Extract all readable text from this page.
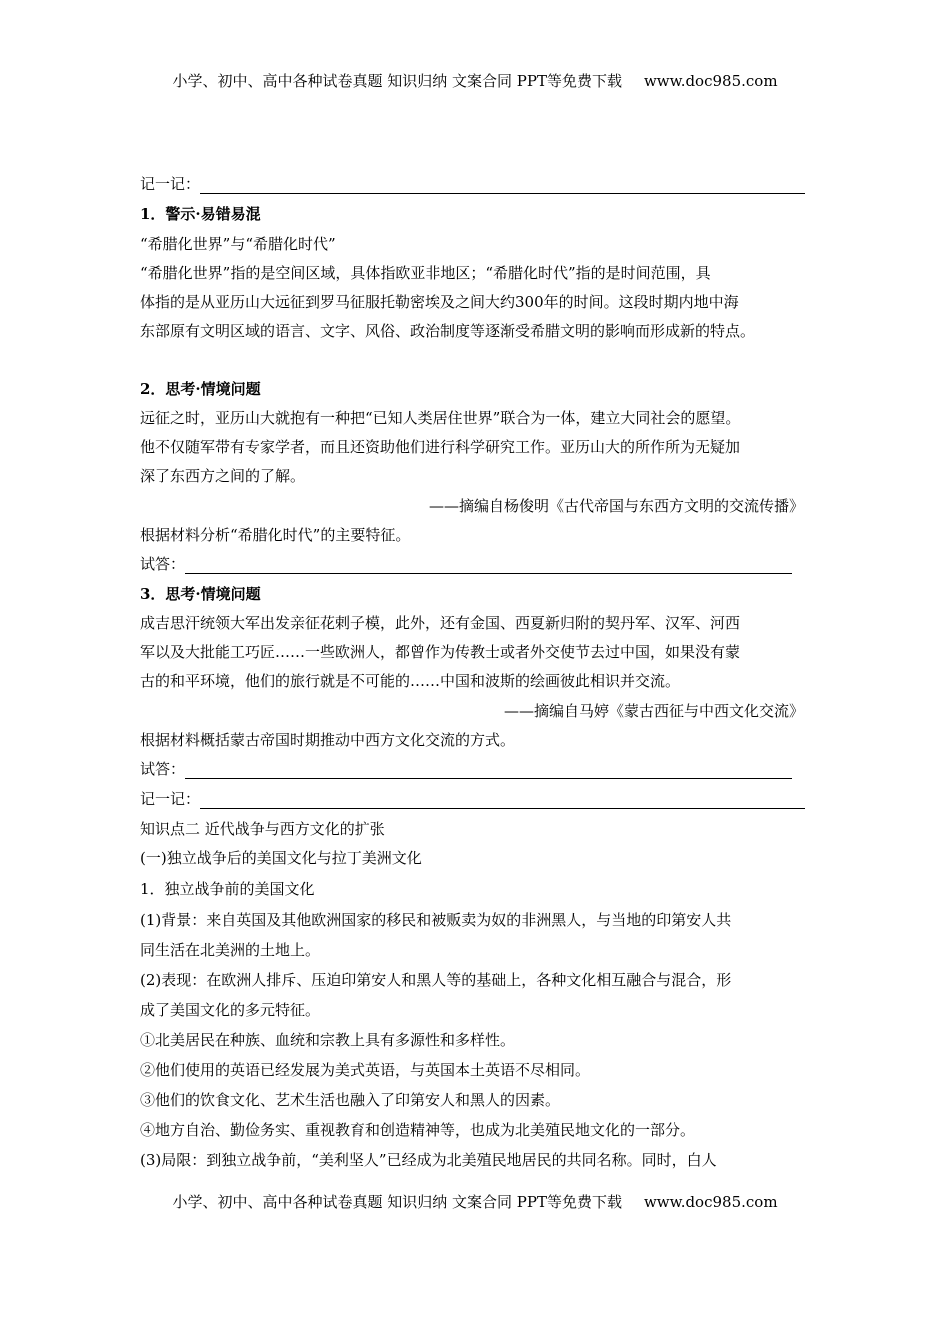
小学、初中、高中各种试卷真题 知识归纳 文案合同 PPT等免费下载 www.doc985.com
记一记：
1．警示·易错易混
“希腊化世界”与“希腊化时代”
“希腊化世界”指的是空间区域，具体指欧亚非地区；“希腊化时代”指的是时间范围，具
体指的是从亚历山大远征到罗马征服托勒密埃及之间大约300年的时间。这段时期内地中海
东部原有文明区域的语言、文字、风俗、政治制度等逐渐受希腊文明的影响而形成新的特点。
2．思考·情境问题
远征之时，亚历山大就抱有一种把“已知人类居住世界”联合为一体，建立大同社会的愿望。
他不仅随军带有专家学者，而且还资助他们进行科学研究工作。亚历山大的所作所为无疑加
深了东西方之间的了解。
——摘编自杨俊明《古代帝国与东西方文明的交流传播》
根据材料分析“希腊化时代”的主要特征。
试答：
3．思考·情境问题
成吉思汗统领大军出发亲征花剌子模，此外，还有金国、西夏新归附的契丹军、汉军、河西
军以及大批能工巧匠……一些欧洲人，都曾作为传教士或者外交使节去过中国，如果没有蒙
古的和平环境，他们的旅行就是不可能的……中国和波斯的绘画彼此相识并交流。
——摘编自马婷《蒙古西征与中西文化交流》
根据材料概括蒙古帝国时期推动中西方文化交流的方式。
试答：
记一记：
知识点二 近代战争与西方文化的扩张
(一)独立战争后的美国文化与拉丁美洲文化
1．独立战争前的美国文化
(1)背景：来自英国及其他欧洲国家的移民和被贩卖为奴的非洲黑人，与当地的印第安人共
同生活在北美洲的土地上。
(2)表现：在欧洲人排斥、压迫印第安人和黑人等的基础上，各种文化相互融合与混合，形
成了美国文化的多元特征。
①北美居民在种族、血统和宗教上具有多源性和多样性。
②他们使用的英语已经发展为美式英语，与英国本土英语不尽相同。
③他们的饮食文化、艺术生活也融入了印第安人和黑人的因素。
④地方自治、勤俭务实、重视教育和创造精神等，也成为北美殖民地文化的一部分。
(3)局限：到独立战争前，“美利坚人”已经成为北美殖民地居民的共同名称。同时，白人
小学、初中、高中各种试卷真题 知识归纳 文案合同 PPT等免费下载 www.doc985.com
